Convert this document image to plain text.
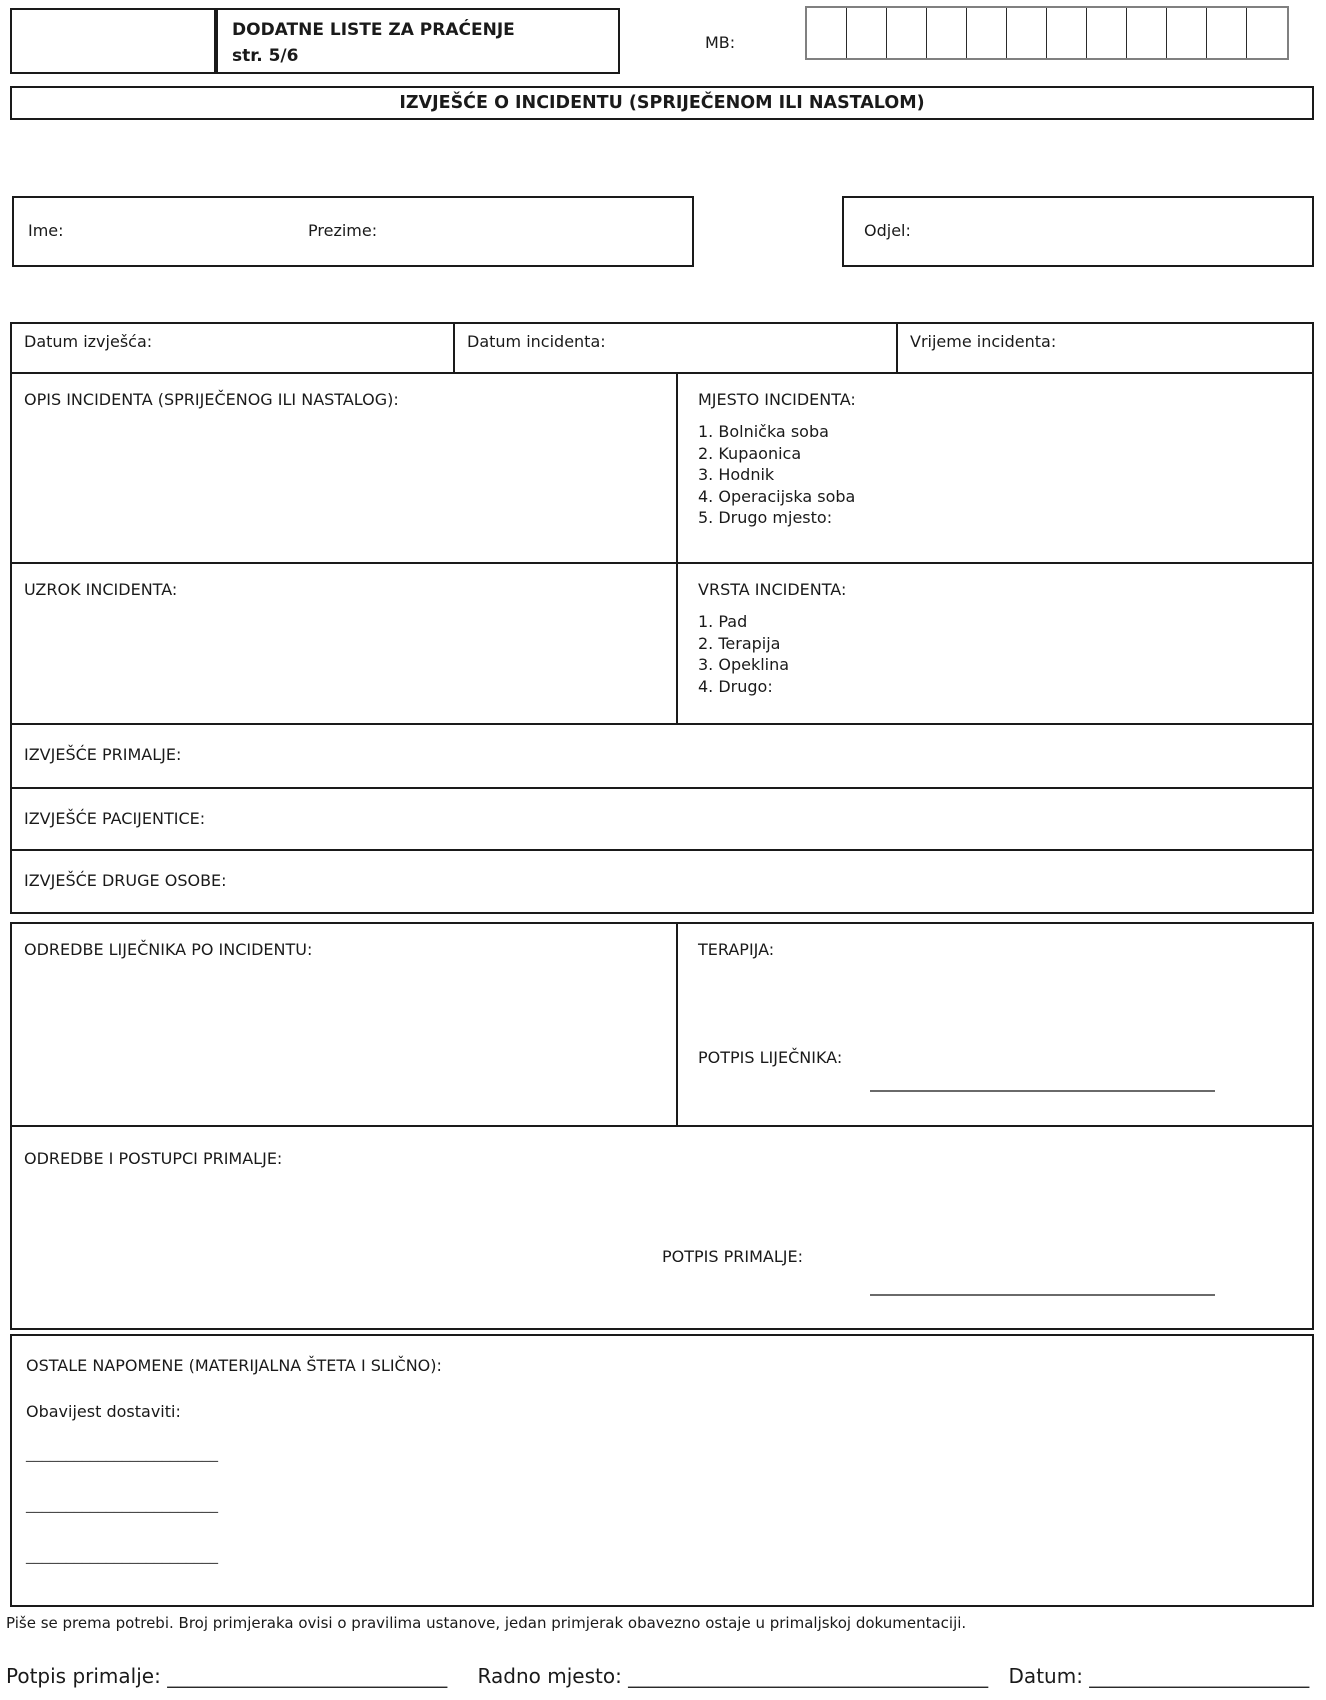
DODATNE LISTE ZA PRAĆENJE
str. 5/6
MB:
IZVJEŠĆE O INCIDENTU (SPRIJEČENOM ILI NASTALOM)
Ime:	Prezime:	Odjel:
Datum izvješća:	Datum incidenta:	Vrijeme incidenta:
OPIS INCIDENTA (SPRIJEČENOG ILI NASTALOG):	MJESTO INCIDENTA:
1. Bolnička soba
2. Kupaonica
3. Hodnik
4. Operacijska soba
5. Drugo mjesto:
UZROK INCIDENTA:	VRSTA INCIDENTA:
1. Pad
2. Terapija
3. Opeklina
4. Drugo:
IZVJEŠĆE PRIMALJE:
IZVJEŠĆE PACIJENTICE:
IZVJEŠĆE DRUGE OSOBE:
ODREDBE LIJEČNIKA PO INCIDENTU:	TERAPIJA:
POTPIS LIJEČNIKA:
ODREDBE I POSTUPCI PRIMALJE:
POTPIS PRIMALJE:
OSTALE NAPOMENE (MATERIJALNA ŠTETA I SLIČNO):
Obavijest dostaviti:
________________________
________________________
________________________
Piše se prema potrebi. Broj primjeraka ovisi o pravilima ustanove, jedan primjerak obavezno ostaje u primaljskoj dokumentaciji.
Potpis primalje: ____________________________ Radno mjesto: ____________________________________ Datum: ______________________
